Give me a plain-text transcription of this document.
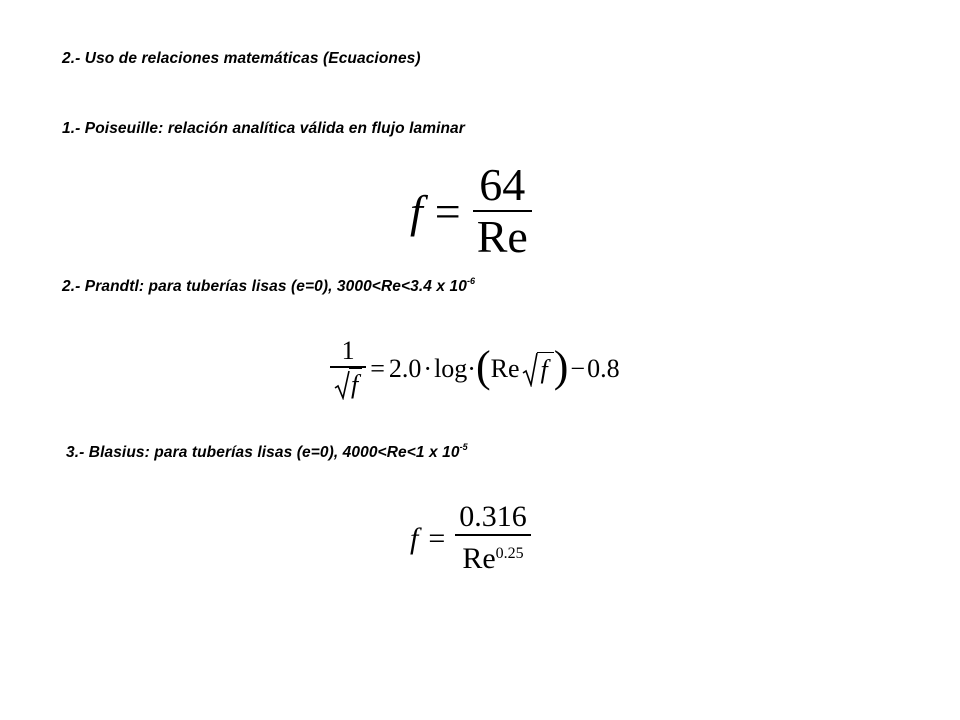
2.- Uso de relaciones matemáticas (Ecuaciones)
1.- Poiseuille: relación analítica válida en flujo laminar
2.- Prandtl: para tuberías lisas (e=0), 3000<Re<3.4 x $10^{-6}$
3.- Blasius: para tuberías lisas (e=0), 4000<Re<1 x $10^{-5}$
$f = \frac{64}{Re}$
$\frac{1}{f} = 2.0 \cdot \log\cdot$ ( Re f ) − 0.8
$f = \frac{0.316}{Re^{0.25}}$
